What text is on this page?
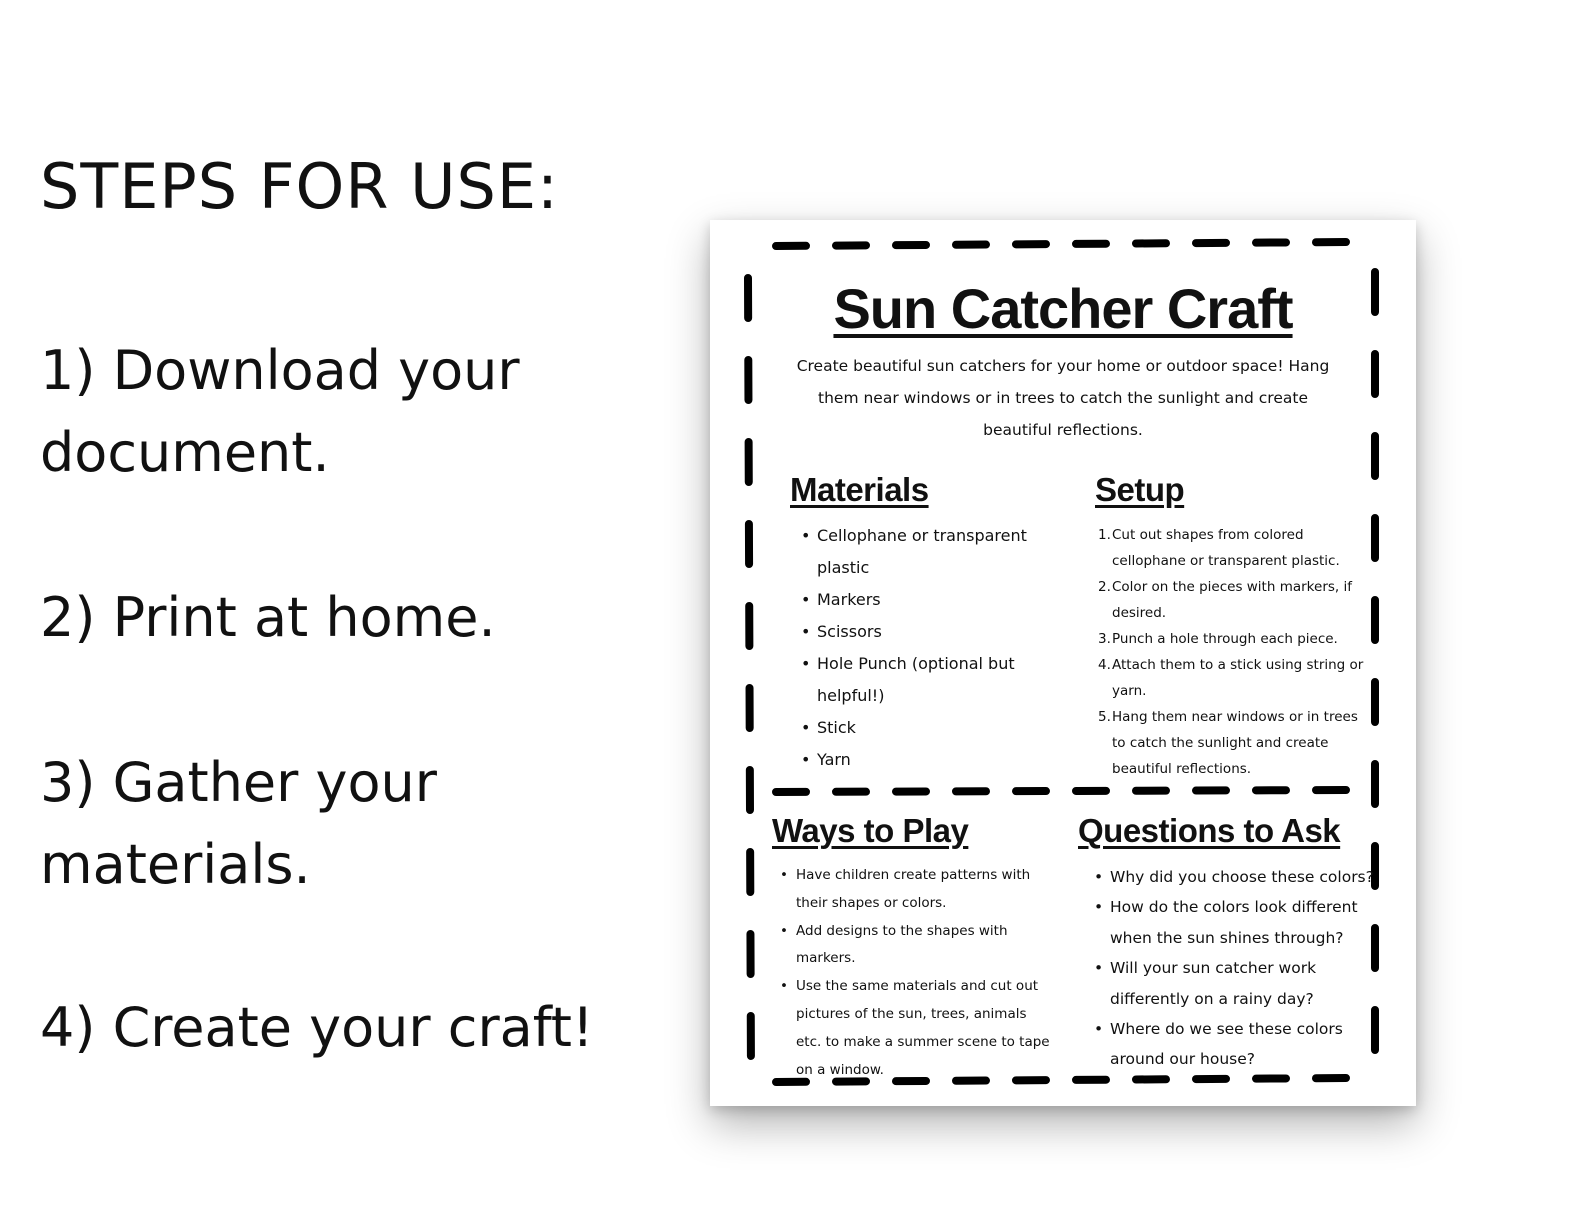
STEPS FOR USE:
1) Download your document.
2) Print at home.
3) Gather your materials.
4) Create your craft!
Sun Catcher Craft
Create beautiful sun catchers for your home or outdoor space! Hang them near windows or in trees to catch the sunlight and create beautiful reflections.
Materials
• Cellophane or transparent plastic
• Markers
• Scissors
• Hole Punch (optional but helpful!)
• Stick
• Yarn
Setup
1. Cut out shapes from colored cellophane or transparent plastic.
2. Color on the pieces with markers, if desired.
3. Punch a hole through each piece.
4. Attach them to a stick using string or yarn.
5. Hang them near windows or in trees to catch the sunlight and create beautiful reflections.
Ways to Play
• Have children create patterns with their shapes or colors.
• Add designs to the shapes with markers.
• Use the same materials and cut out pictures of the sun, trees, animals etc. to make a summer scene to tape on a window.
Questions to Ask
• Why did you choose these colors?
• How do the colors look different when the sun shines through?
• Will your sun catcher work differently on a rainy day?
• Where do we see these colors around our house?
